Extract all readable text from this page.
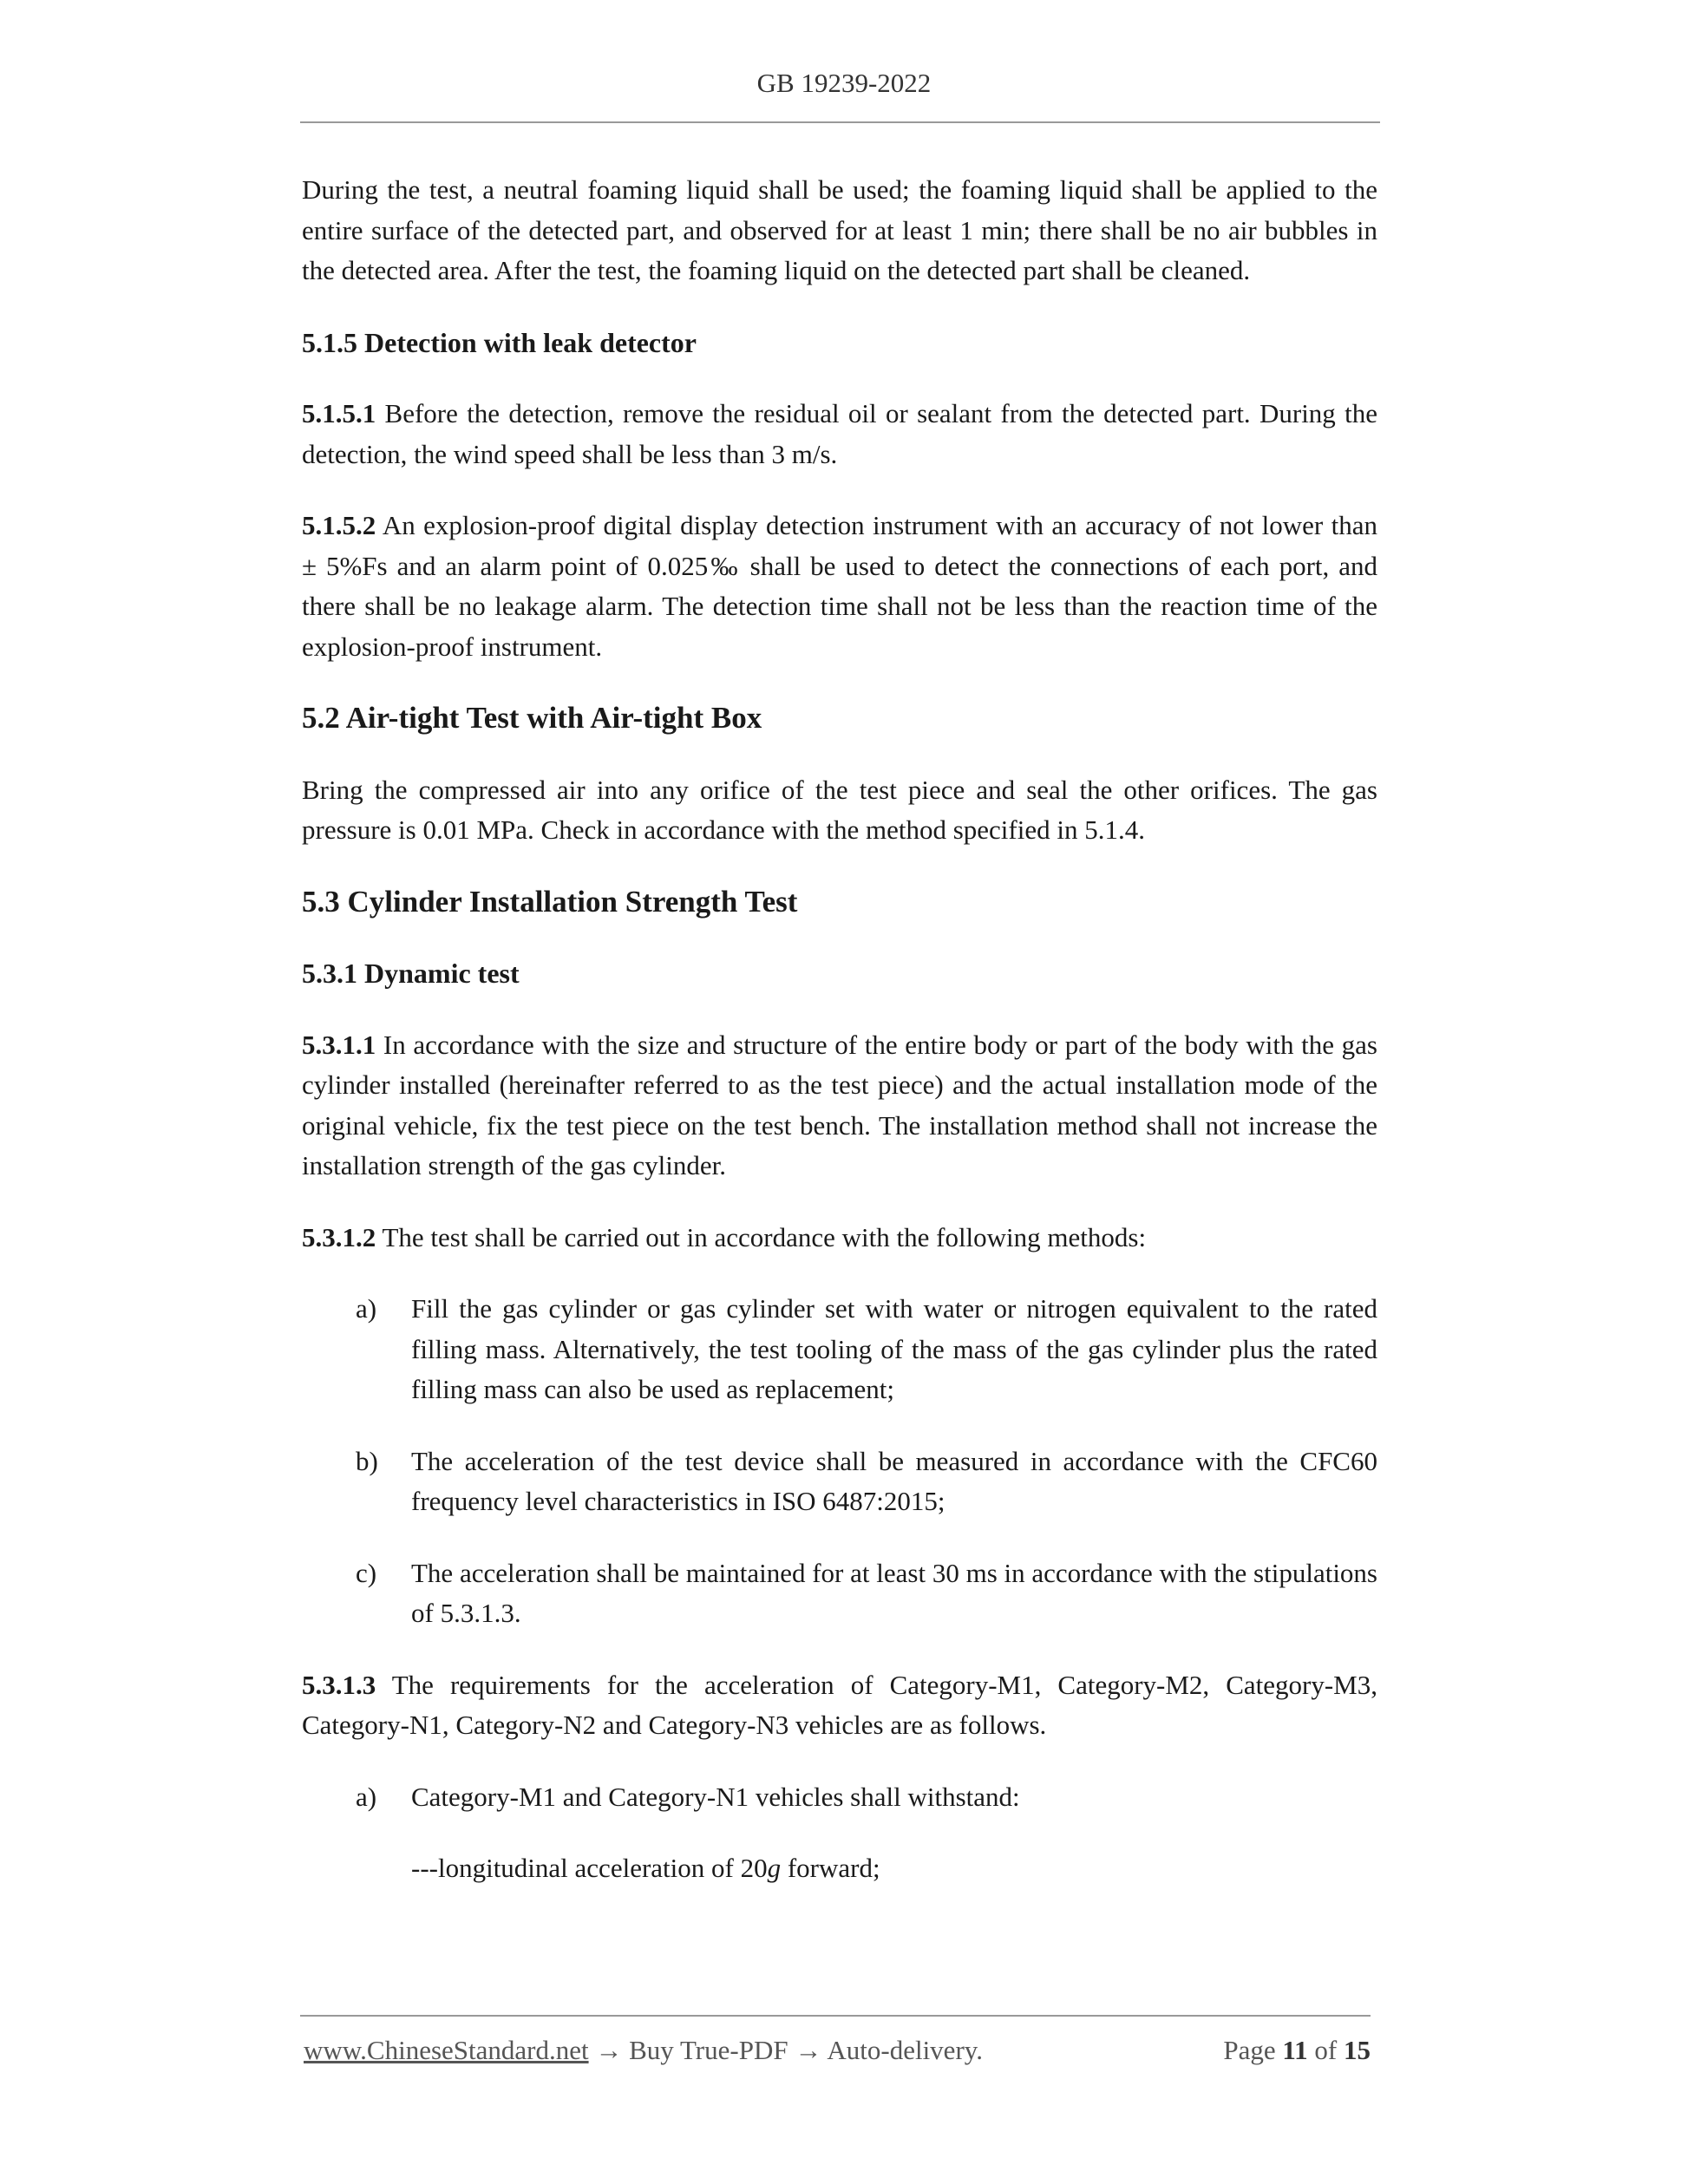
GB 19239-2022

During the test, a neutral foaming liquid shall be used; the foaming liquid shall be applied to the entire surface of the detected part, and observed for at least 1 min; there shall be no air bubbles in the detected area. After the test, the foaming liquid on the detected part shall be cleaned.

5.1.5 Detection with leak detector

5.1.5.1 Before the detection, remove the residual oil or sealant from the detected part. During the detection, the wind speed shall be less than 3 m/s.

5.1.5.2 An explosion-proof digital display detection instrument with an accuracy of not lower than ± 5%Fs and an alarm point of 0.025‰ shall be used to detect the connections of each port, and there shall be no leakage alarm. The detection time shall not be less than the reaction time of the explosion-proof instrument.

5.2 Air-tight Test with Air-tight Box

Bring the compressed air into any orifice of the test piece and seal the other orifices. The gas pressure is 0.01 MPa. Check in accordance with the method specified in 5.1.4.

5.3 Cylinder Installation Strength Test

5.3.1 Dynamic test

5.3.1.1 In accordance with the size and structure of the entire body or part of the body with the gas cylinder installed (hereinafter referred to as the test piece) and the actual installation mode of the original vehicle, fix the test piece on the test bench. The installation method shall not increase the installation strength of the gas cylinder.

5.3.1.2 The test shall be carried out in accordance with the following methods:

a) Fill the gas cylinder or gas cylinder set with water or nitrogen equivalent to the rated filling mass. Alternatively, the test tooling of the mass of the gas cylinder plus the rated filling mass can also be used as replacement;
b) The acceleration of the test device shall be measured in accordance with the CFC60 frequency level characteristics in ISO 6487:2015;
c) The acceleration shall be maintained for at least 30 ms in accordance with the stipulations of 5.3.1.3.

5.3.1.3 The requirements for the acceleration of Category-M1, Category-M2, Category-M3, Category-N1, Category-N2 and Category-N3 vehicles are as follows.

a) Category-M1 and Category-N1 vehicles shall withstand:

---longitudinal acceleration of 20g forward;

www.ChineseStandard.net → Buy True-PDF → Auto-delivery.	Page 11 of 15
